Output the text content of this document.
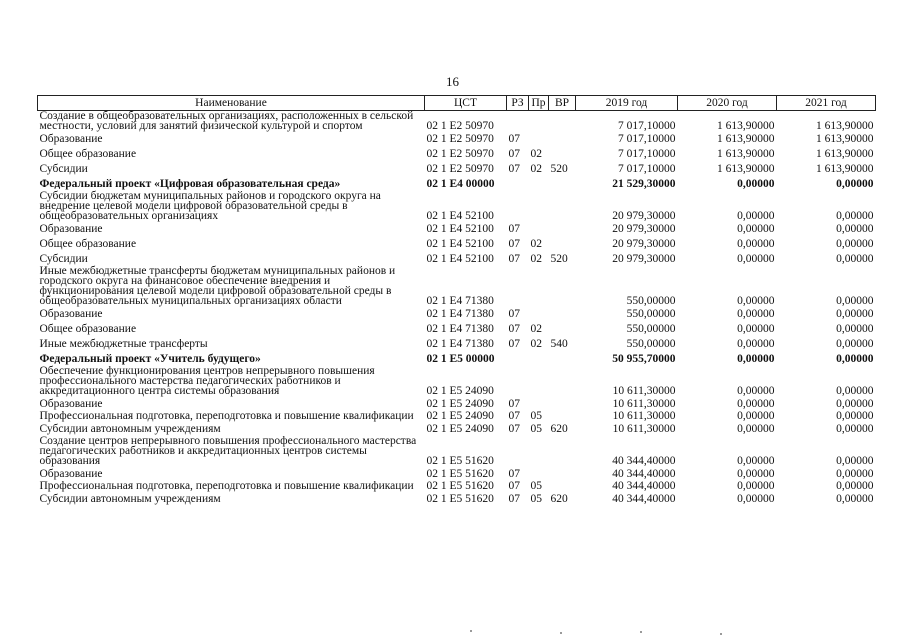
16
Наименование	ЦСТ	РЗ	Пр	ВР	2019 год	2020 год	2021 год
Создание в общеобразовательных организациях, расположенных в сельской местности, условий для занятий физической культурой и спортом	02 1 E2 50970				7 017,10000	1 613,90000	1 613,90000
Образование	02 1 E2 50970	07			7 017,10000	1 613,90000	1 613,90000
Общее образование	02 1 E2 50970	07	02		7 017,10000	1 613,90000	1 613,90000
Субсидии	02 1 E2 50970	07	02	520	7 017,10000	1 613,90000	1 613,90000
Федеральный проект «Цифровая образовательная среда»	02 1 E4 00000				21 529,30000	0,00000	0,00000
Субсидии бюджетам муниципальных районов и городского округа на внедрение целевой модели цифровой образовательной среды в общеобразовательных организациях	02 1 E4 52100				20 979,30000	0,00000	0,00000
Образование	02 1 E4 52100	07			20 979,30000	0,00000	0,00000
Общее образование	02 1 E4 52100	07	02		20 979,30000	0,00000	0,00000
Субсидии	02 1 E4 52100	07	02	520	20 979,30000	0,00000	0,00000
Иные межбюджетные трансферты бюджетам муниципальных районов и городского округа на финансовое обеспечение внедрения и функционирования целевой модели цифровой образовательной среды в общеобразовательных муниципальных организациях области	02 1 E4 71380				550,00000	0,00000	0,00000
Образование	02 1 E4 71380	07			550,00000	0,00000	0,00000
Общее образование	02 1 E4 71380	07	02		550,00000	0,00000	0,00000
Иные межбюджетные трансферты	02 1 E4 71380	07	02	540	550,00000	0,00000	0,00000
Федеральный проект «Учитель будущего»	02 1 E5 00000				50 955,70000	0,00000	0,00000
Обеспечение функционирования центров непрерывного повышения профессионального мастерства педагогических работников и аккредитационного центра системы образования	02 1 E5 24090				10 611,30000	0,00000	0,00000
Образование	02 1 E5 24090	07			10 611,30000	0,00000	0,00000
Профессиональная подготовка, переподготовка и повышение квалификации	02 1 E5 24090	07	05		10 611,30000	0,00000	0,00000
Субсидии автономным учреждениям	02 1 E5 24090	07	05	620	10 611,30000	0,00000	0,00000
Создание центров непрерывного повышения профессионального мастерства педагогических работников и аккредитационных центров системы образования	02 1 E5 51620				40 344,40000	0,00000	0,00000
Образование	02 1 E5 51620	07			40 344,40000	0,00000	0,00000
Профессиональная подготовка, переподготовка и повышение квалификации	02 1 E5 51620	07	05		40 344,40000	0,00000	0,00000
Субсидии автономным учреждениям	02 1 E5 51620	07	05	620	40 344,40000	0,00000	0,00000
